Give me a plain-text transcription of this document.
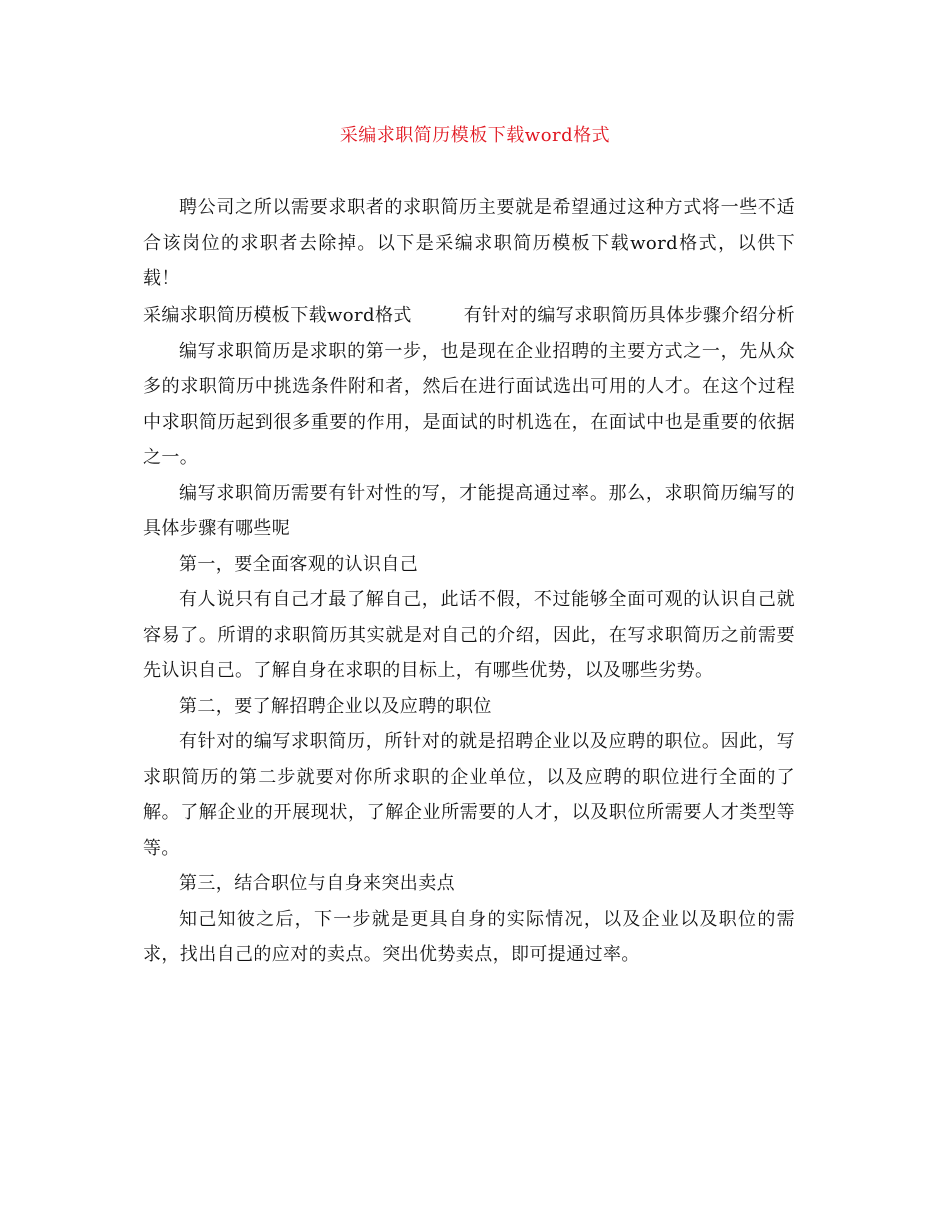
采编求职简历模板下载word格式

聘公司之所以需要求职者的求职简历主要就是希望通过这种方式将一些不适合该岗位的求职者去除掉。以下是采编求职简历模板下载word格式，以供下载！

采编求职简历模板下载word格式	有针对的编写求职简历具体步骤介绍分析

编写求职简历是求职的第一步，也是现在企业招聘的主要方式之一，先从众多的求职简历中挑选条件附和者，然后在进行面试选出可用的人才。在这个过程中求职简历起到很多重要的作用，是面试的时机选在，在面试中也是重要的依据之一。

编写求职简历需要有针对性的写，才能提高通过率。那么，求职简历编写的具体步骤有哪些呢

第一，要全面客观的认识自己

有人说只有自己才最了解自己，此话不假，不过能够全面可观的认识自己就容易了。所谓的求职简历其实就是对自己的介绍，因此，在写求职简历之前需要先认识自己。了解自身在求职的目标上，有哪些优势，以及哪些劣势。

第二，要了解招聘企业以及应聘的职位

有针对的编写求职简历，所针对的就是招聘企业以及应聘的职位。因此，写求职简历的第二步就要对你所求职的企业单位，以及应聘的职位进行全面的了解。了解企业的开展现状，了解企业所需要的人才，以及职位所需要人才类型等等。

第三，结合职位与自身来突出卖点

知己知彼之后，下一步就是更具自身的实际情况，以及企业以及职位的需求，找出自己的应对的卖点。突出优势卖点，即可提通过率。
